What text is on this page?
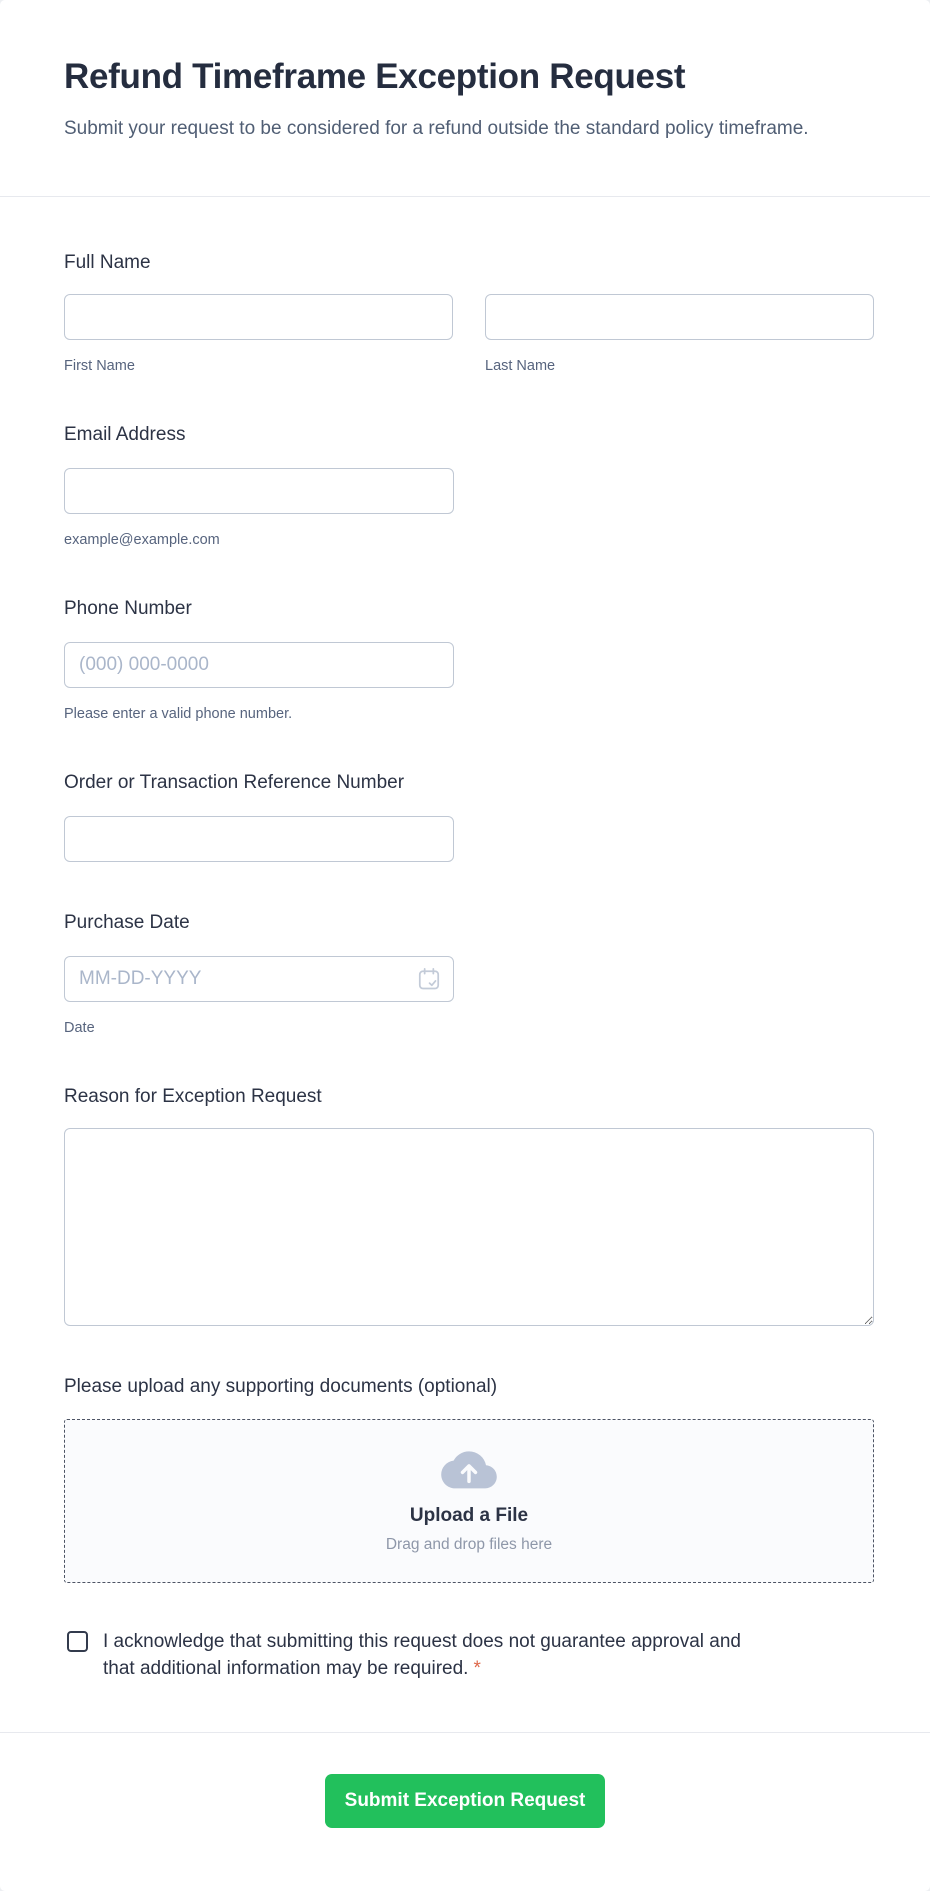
Refund Timeframe Exception Request

Submit your request to be considered for a refund outside the standard policy timeframe.

Full Name
First Name	Last Name
Email Address
example@example.com
Phone Number
(000) 000-0000
Please enter a valid phone number.
Order or Transaction Reference Number
Purchase Date
MM-DD-YYYY
Date
Reason for Exception Request
Please upload any supporting documents (optional)
Upload a File
Drag and drop files here
I acknowledge that submitting this request does not guarantee approval and that additional information may be required. *
Submit Exception Request
